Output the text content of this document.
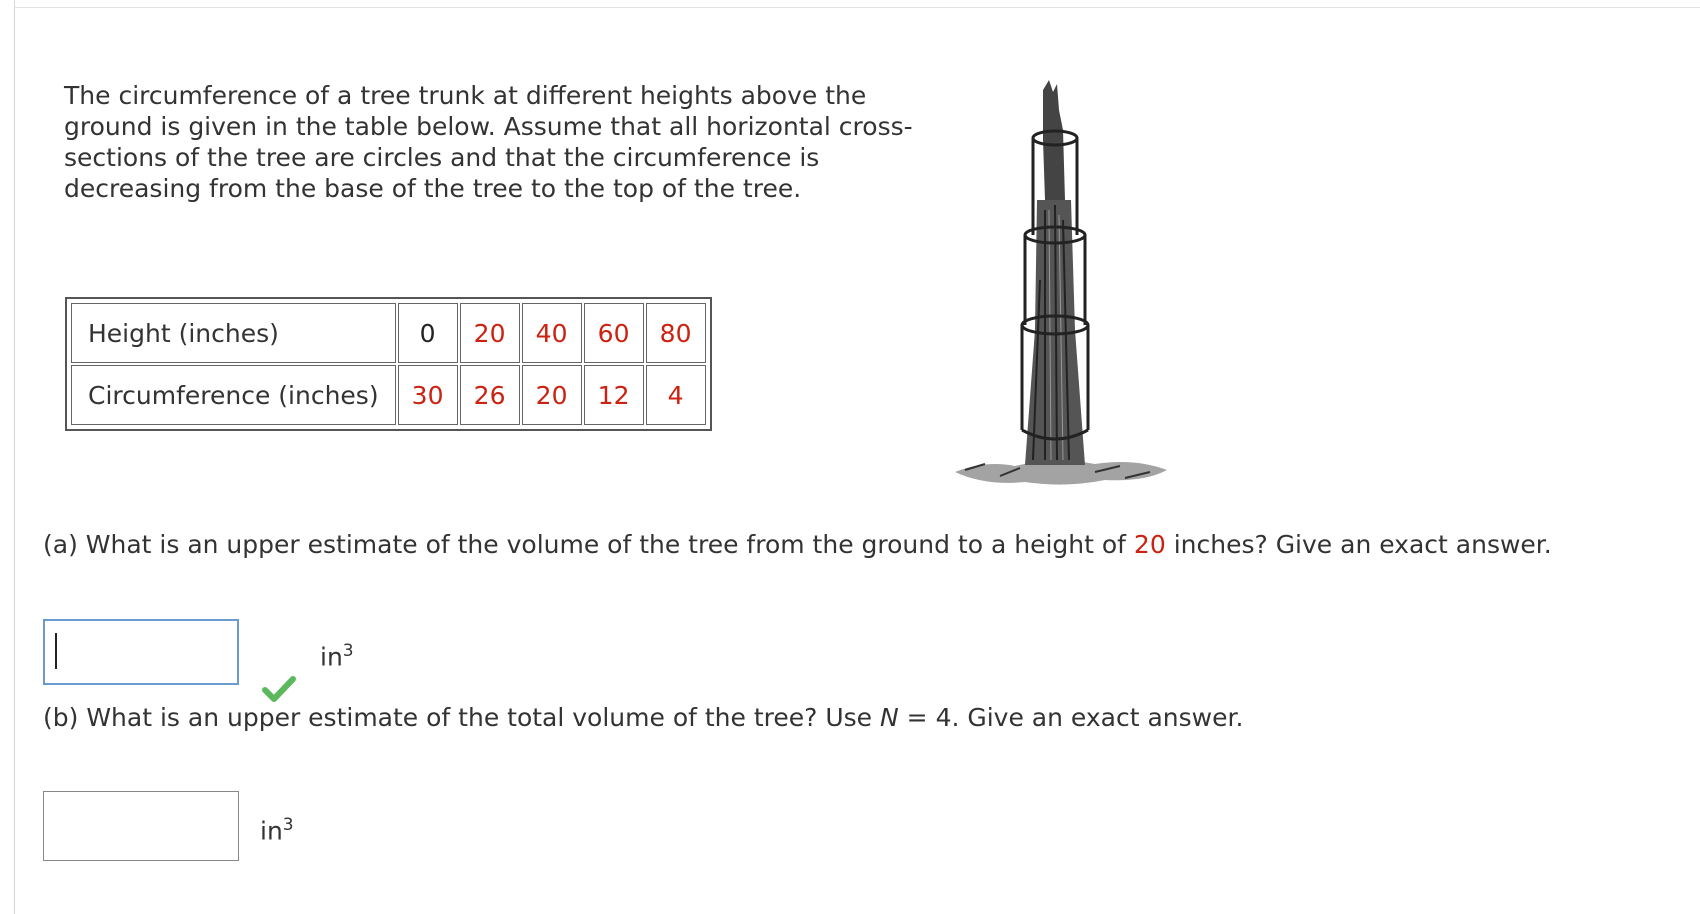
The circumference of a tree trunk at different heights above the ground is given in the table below. Assume that all horizontal cross-sections of the tree are circles and that the circumference is decreasing from the base of the tree to the top of the tree.

Height (inches)	0	20	40	60	80
Circumference (inches)	30	26	20	12	4

(a) What is an upper estimate of the volume of the tree from the ground to a height of 20 inches? Give an exact answer.

$in^3$

(b) What is an upper estimate of the total volume of the tree? Use N = 4. Give an exact answer.

$in^3$
